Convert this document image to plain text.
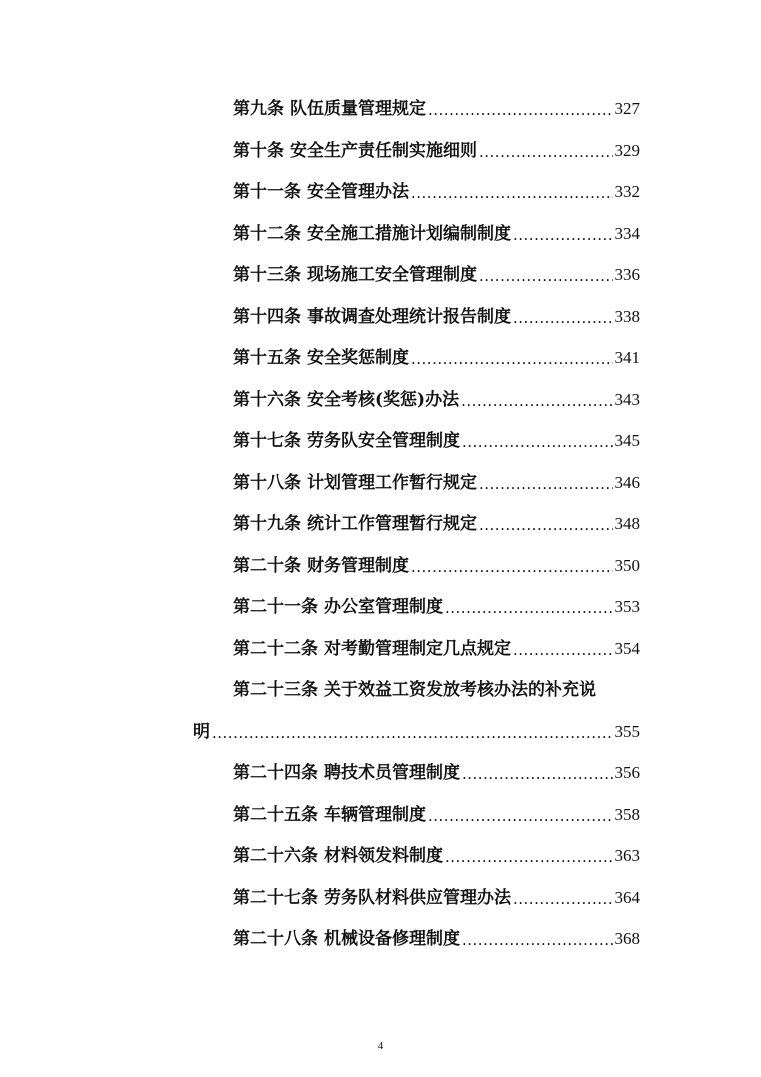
第九条 队伍质量管理规定 .....	327
第十条 安全生产责任制实施细则 .....	329
第十一条 安全管理办法 .....	332
第十二条 安全施工措施计划编制制度 .....	334
第十三条 现场施工安全管理制度 .....	336
第十四条 事故调查处理统计报告制度 .....	338
第十五条 安全奖惩制度 .....	341
第十六条 安全考核(奖惩)办法 .....	343
第十七条 劳务队安全管理制度 .....	345
第十八条 计划管理工作暂行规定 .....	346
第十九条 统计工作管理暂行规定 .....	348
第二十条 财务管理制度 .....	350
第二十一条 办公室管理制度 .....	353
第二十二条 对考勤管理制定几点规定 .....	354
第二十三条 关于效益工资发放考核办法的补充说
明 .....	355
第二十四条 聘技术员管理制度 .....	356
第二十五条 车辆管理制度 .....	358
第二十六条 材料领发料制度 .....	363
第二十七条 劳务队材料供应管理办法 .....	364
第二十八条 机械设备修理制度 .....	368
4
